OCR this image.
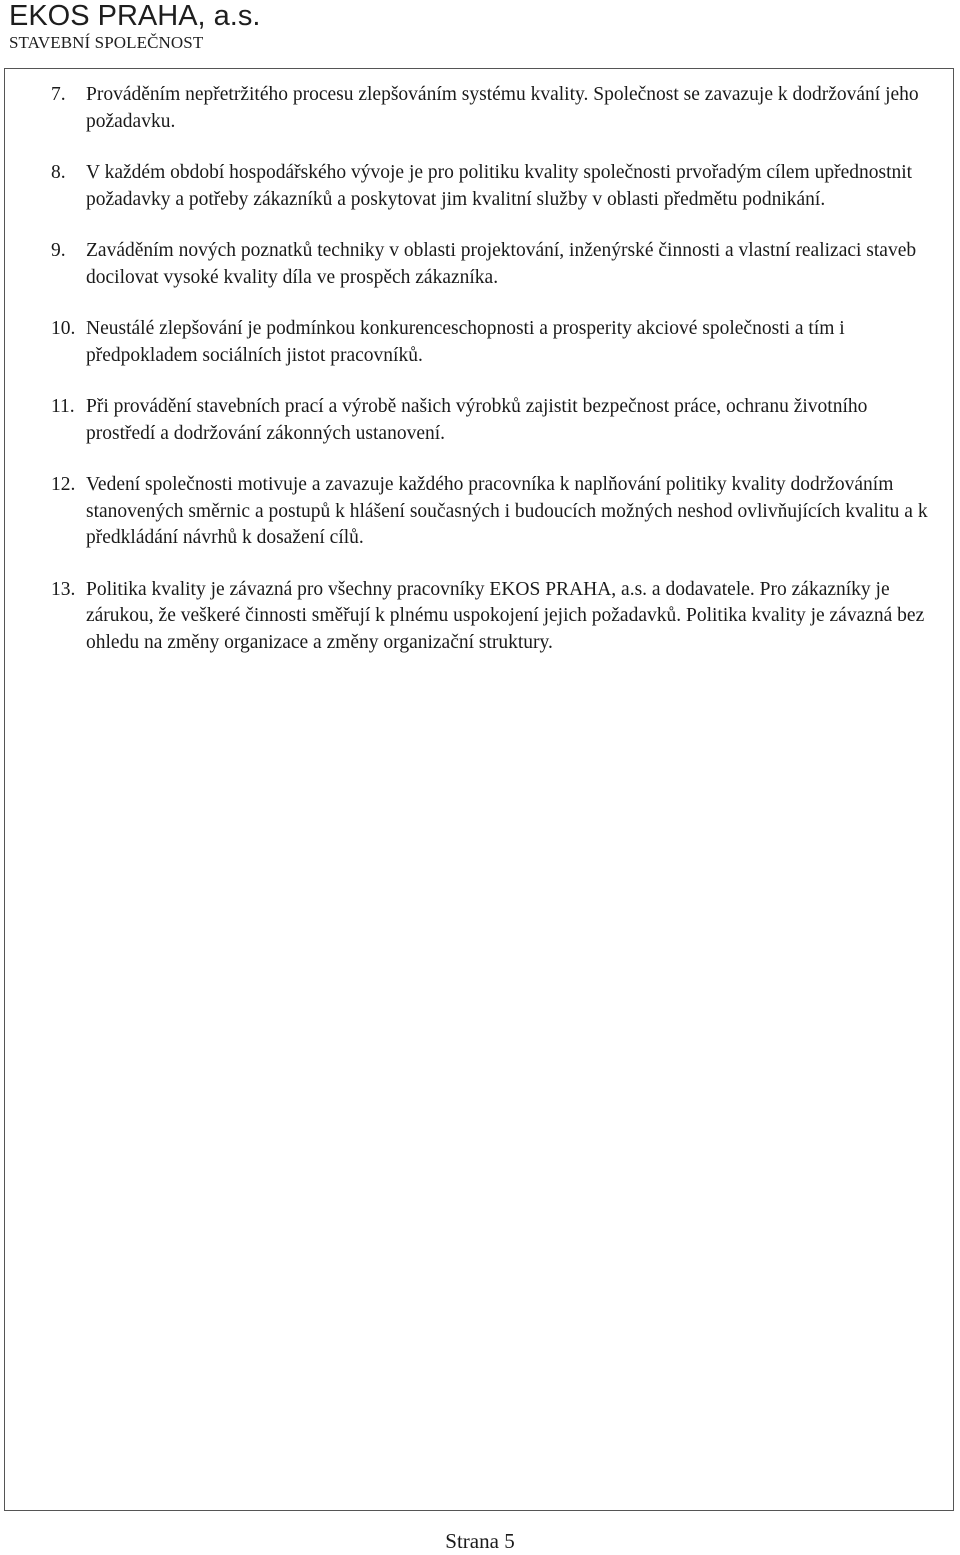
EKOS PRAHA, a.s.
STAVEBNÍ SPOLEČNOST
7. Prováděním nepřetržitého procesu zlepšováním systému kvality. Společnost se zavazuje k dodržování jeho požadavku.
8. V každém období hospodářského vývoje je pro politiku kvality společnosti prvořadým cílem upřednostnit požadavky a potřeby zákazníků a poskytovat jim kvalitní služby v oblasti předmětu podnikání.
9. Zaváděním nových poznatků techniky v oblasti projektování, inženýrské činnosti a vlastní realizaci staveb docilovat vysoké kvality díla ve prospěch zákazníka.
10. Neustálé zlepšování je podmínkou konkurenceschopnosti a prosperity akciové společnosti a tím i předpokladem sociálních jistot pracovníků.
11. Při provádění stavebních prací a výrobě našich výrobků zajistit bezpečnost práce, ochranu životního prostředí a dodržování zákonných ustanovení.
12. Vedení společnosti motivuje a zavazuje každého pracovníka k naplňování politiky kvality dodržováním stanovených směrnic a postupů k hlášení současných i budoucích možných neshod ovlivňujících kvalitu a k předkládání návrhů k dosažení cílů.
13. Politika kvality je závazná pro všechny pracovníky EKOS PRAHA, a.s. a dodavatele. Pro zákazníky je zárukou, že veškeré činnosti směřují k plnému uspokojení jejich požadavků. Politika kvality je závazná bez ohledu na změny organizace a změny organizační struktury.
Strana 5
